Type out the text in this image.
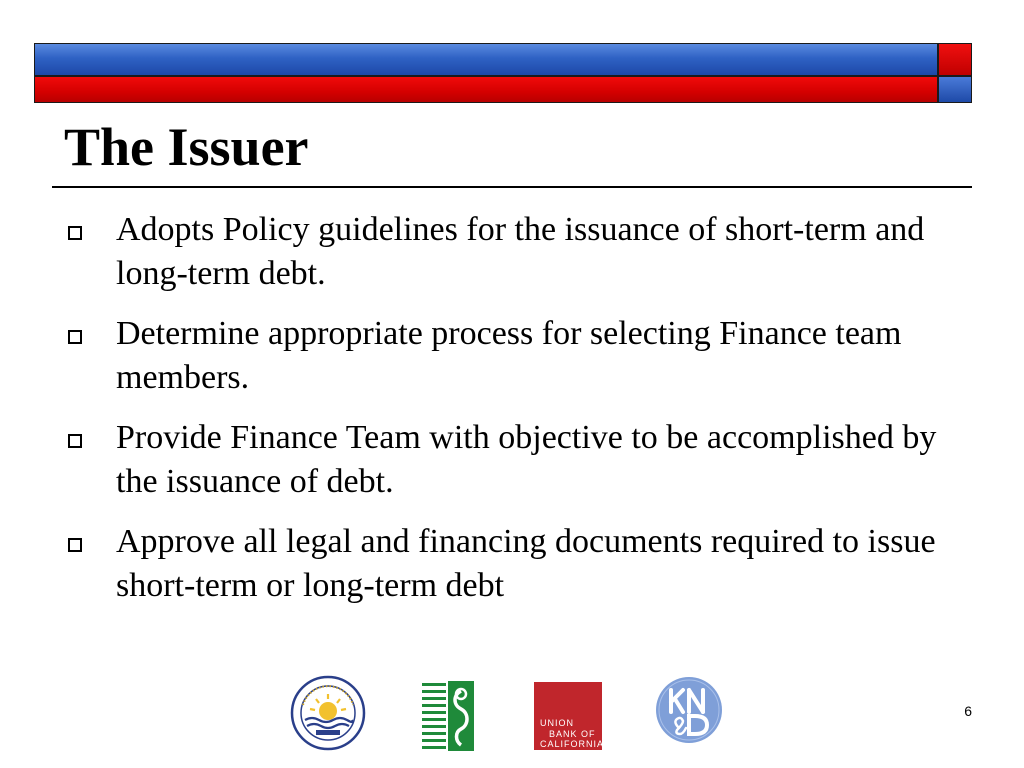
The Issuer
Adopts Policy guidelines for the issuance of short-term and long-term debt.
Determine appropriate process for selecting Finance team members.
Provide Finance Team with objective to be accomplished by the issuance of debt.
Approve all legal and financing documents required to issue short-term or long-term debt
UNION
BANK OF
CALIFORNIA
6
